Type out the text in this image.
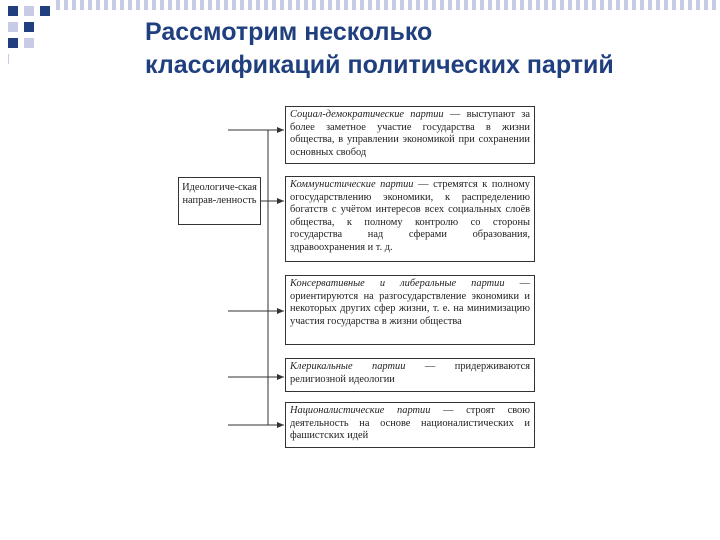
Рассмотрим несколько
классификаций политических партий
Идеологиче-ская направ-ленность
Социал-демократические партии — выступают за более заметное участие государства в жизни общества, в управлении экономикой при сохранении основных свобод
Коммунистические партии — стремятся к полному огосударствлению экономики, к распределению богатств с учётом интересов всех социальных слоёв общества, к полному контролю со стороны государства над сферами образования, здравоохранения и т. д.
Консервативные и либеральные партии — ориентируются на разгосударствление экономики и некоторых других сфер жизни, т. е. на минимизацию участия государства в жизни общества
Клерикальные партии — придерживаются религиозной идеологии
Националистические партии — строят свою деятельность на основе националистических и фашистских идей
